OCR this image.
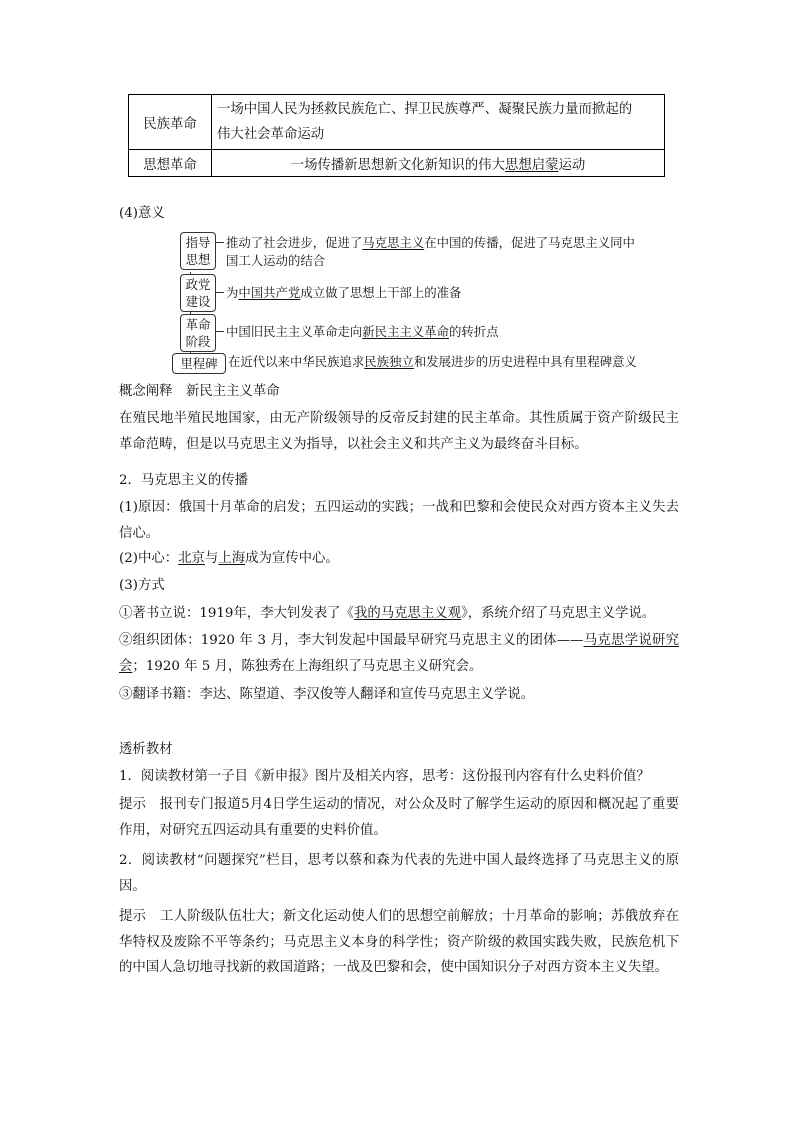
民族革命	一场中国人民为拯救民族危亡、捍卫民族尊严、凝聚民族力量而掀起的
伟大社会革命运动

思想革命	一场传播新思想新文化新知识的伟大思想启蒙运动
(4)意义
指导
思想
推动了社会进步，促进了马克思主义在中国的传播，促进了马克思主义同中
国工人运动的结合
政党
建设
为中国共产党成立做了思想上干部上的准备
革命
阶段
中国旧民主主义革命走向新民主主义革命的转折点
里程碑 在近代以来中华民族追求民族独立和发展进步的历史进程中具有里程碑意义
概念阐释　新民主主义革命
在殖民地半殖民地国家，由无产阶级领导的反帝反封建的民主革命。其性质属于资产阶级民主革命范畴，但是以马克思主义为指导，以社会主义和共产主义为最终奋斗目标。
2．马克思主义的传播
(1)原因：俄国十月革命的启发；五四运动的实践；一战和巴黎和会使民众对西方资本主义失去信心。
(2)中心：北京与上海成为宣传中心。
(3)方式
①著书立说：1919年，李大钊发表了《我的马克思主义观》，系统介绍了马克思主义学说。
②组织团体：1920 年 3 月，李大钊发起中国最早研究马克思主义的团体——马克思学说研究会；1920 年 5 月，陈独秀在上海组织了马克思主义研究会。
③翻译书籍：李达、陈望道、李汉俊等人翻译和宣传马克思主义学说。
透析教材
1．阅读教材第一子目《新申报》图片及相关内容，思考：这份报刊内容有什么史料价值？
提示　报刊专门报道5月4日学生运动的情况，对公众及时了解学生运动的原因和概况起了重要作用，对研究五四运动具有重要的史料价值。
2．阅读教材“问题探究”栏目，思考以蔡和森为代表的先进中国人最终选择了马克思主义的原因。
提示　工人阶级队伍壮大；新文化运动使人们的思想空前解放；十月革命的影响；苏俄放弃在华特权及废除不平等条约；马克思主义本身的科学性；资产阶级的救国实践失败，民族危机下的中国人急切地寻找新的救国道路；一战及巴黎和会，使中国知识分子对西方资本主义失望。
